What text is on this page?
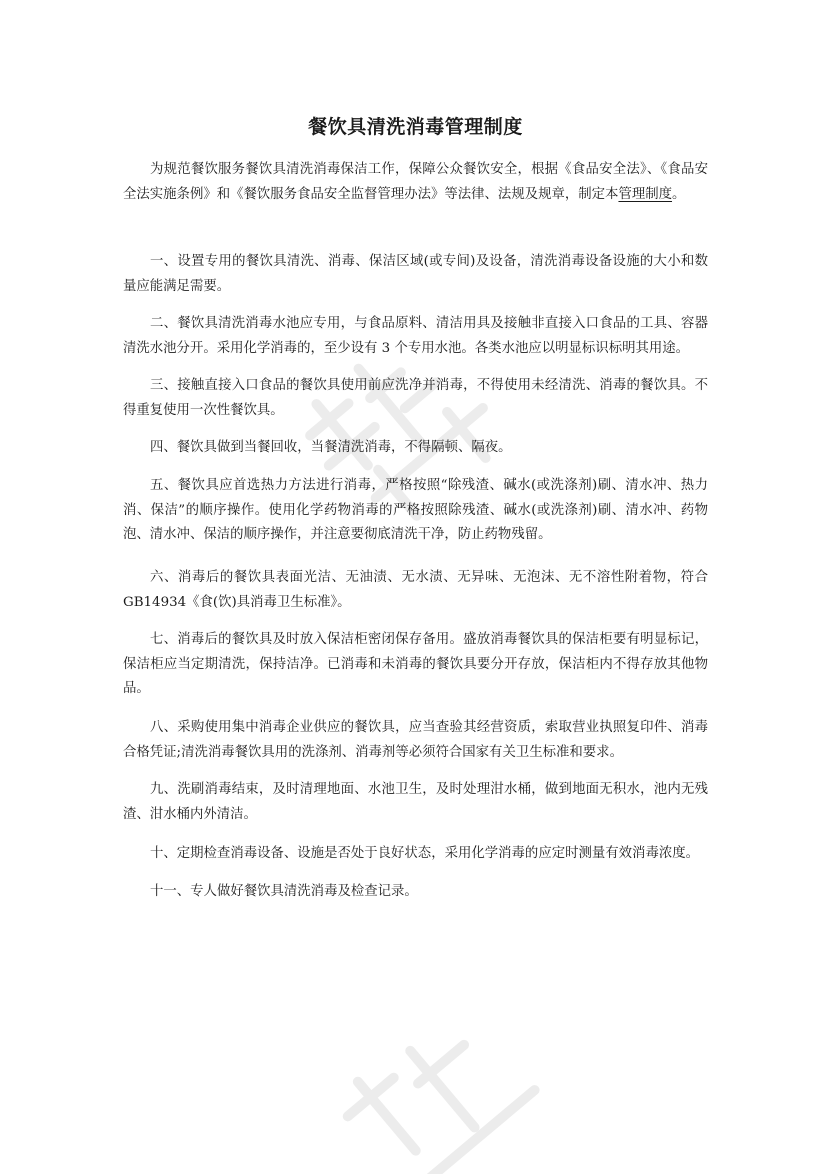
餐饮具清洗消毒管理制度

为规范餐饮服务餐饮具清洗消毒保洁工作，保障公众餐饮安全，根据《食品安全法》、《食品安全法实施条例》和《餐饮服务食品安全监督管理办法》等法律、法规及规章，制定本管理制度。

一、设置专用的餐饮具清洗、消毒、保洁区域(或专间)及设备，清洗消毒设备设施的大小和数量应能满足需要。

二、餐饮具清洗消毒水池应专用，与食品原料、清洁用具及接触非直接入口食品的工具、容器清洗水池分开。采用化学消毒的，至少设有 3 个专用水池。各类水池应以明显标识标明其用途。

三、接触直接入口食品的餐饮具使用前应洗净并消毒，不得使用未经清洗、消毒的餐饮具。不得重复使用一次性餐饮具。

四、餐饮具做到当餐回收，当餐清洗消毒，不得隔顿、隔夜。

五、餐饮具应首选热力方法进行消毒，严格按照“除残渣、碱水(或洗涤剂)刷、清水冲、热力消、保洁”的顺序操作。使用化学药物消毒的严格按照除残渣、碱水(或洗涤剂)刷、清水冲、药物泡、清水冲、保洁的顺序操作，并注意要彻底清洗干净，防止药物残留。

六、消毒后的餐饮具表面光洁、无油渍、无水渍、无异味、无泡沫、无不溶性附着物，符合 GB14934《食(饮)具消毒卫生标准》。

七、消毒后的餐饮具及时放入保洁柜密闭保存备用。盛放消毒餐饮具的保洁柜要有明显标记，保洁柜应当定期清洗，保持洁净。已消毒和未消毒的餐饮具要分开存放，保洁柜内不得存放其他物品。

八、采购使用集中消毒企业供应的餐饮具，应当查验其经营资质，索取营业执照复印件、消毒合格凭证;清洗消毒餐饮具用的洗涤剂、消毒剂等必须符合国家有关卫生标准和要求。

九、洗刷消毒结束，及时清理地面、水池卫生，及时处理泔水桶，做到地面无积水，池内无残渣、泔水桶内外清洁。

十、定期检查消毒设备、设施是否处于良好状态，采用化学消毒的应定时测量有效消毒浓度。

十一、专人做好餐饮具清洗消毒及检查记录。
